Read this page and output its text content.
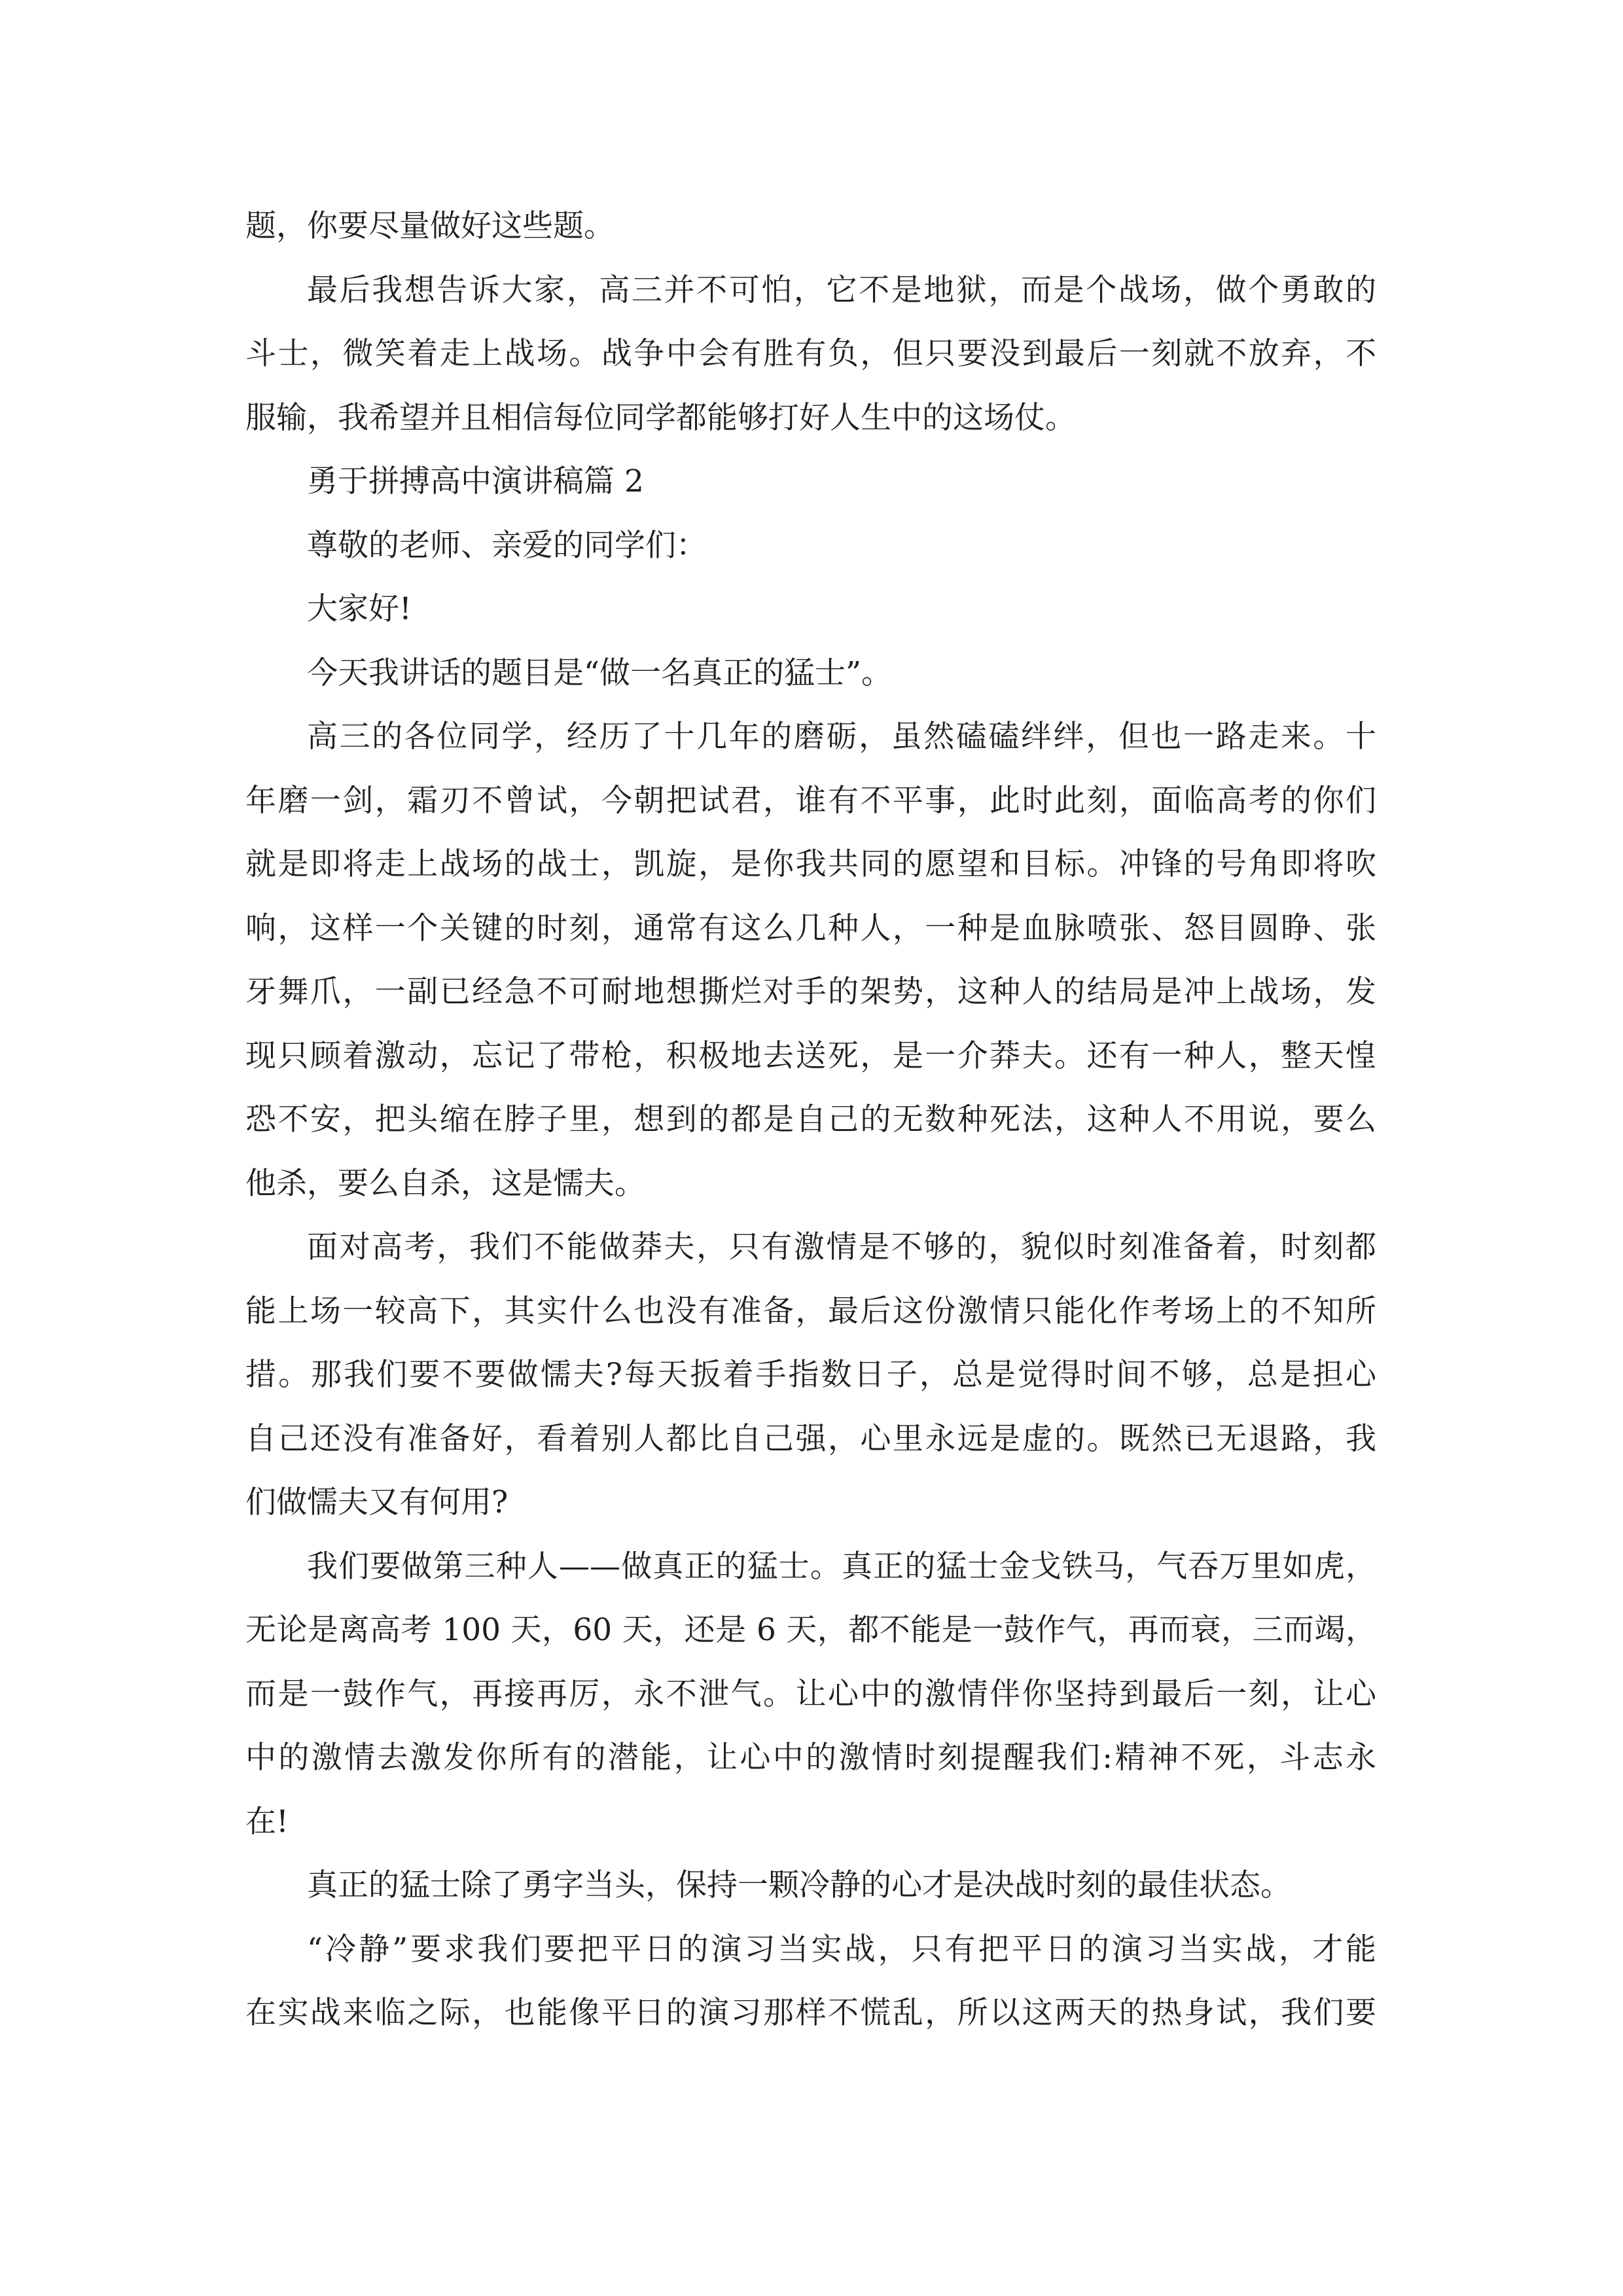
题，你要尽量做好这些题。
最后我想告诉大家，高三并不可怕，它不是地狱，而是个战场，做个勇敢的
斗士，微笑着走上战场。战争中会有胜有负，但只要没到最后一刻就不放弃，不
服输，我希望并且相信每位同学都能够打好人生中的这场仗。
勇于拼搏高中演讲稿篇 2
尊敬的老师、亲爱的同学们：
大家好!
今天我讲话的题目是“做一名真正的猛士”。
高三的各位同学，经历了十几年的磨砺，虽然磕磕绊绊，但也一路走来。十
年磨一剑，霜刃不曾试，今朝把试君，谁有不平事，此时此刻，面临高考的你们
就是即将走上战场的战士，凯旋，是你我共同的愿望和目标。冲锋的号角即将吹
响，这样一个关键的时刻，通常有这么几种人，一种是血脉喷张、怒目圆睁、张
牙舞爪，一副已经急不可耐地想撕烂对手的架势，这种人的结局是冲上战场，发
现只顾着激动，忘记了带枪，积极地去送死，是一介莽夫。还有一种人，整天惶
恐不安，把头缩在脖子里，想到的都是自己的无数种死法，这种人不用说，要么
他杀，要么自杀，这是懦夫。
面对高考，我们不能做莽夫，只有激情是不够的，貌似时刻准备着，时刻都
能上场一较高下，其实什么也没有准备，最后这份激情只能化作考场上的不知所
措。那我们要不要做懦夫?每天扳着手指数日子，总是觉得时间不够，总是担心
自己还没有准备好，看着别人都比自己强，心里永远是虚的。既然已无退路，我
们做懦夫又有何用?
我们要做第三种人——做真正的猛士。真正的猛士金戈铁马，气吞万里如虎，
无论是离高考 100 天，60 天，还是 6 天，都不能是一鼓作气，再而衰，三而竭，
而是一鼓作气，再接再厉，永不泄气。让心中的激情伴你坚持到最后一刻，让心
中的激情去激发你所有的潜能，让心中的激情时刻提醒我们:精神不死，斗志永
在!
真正的猛士除了勇字当头，保持一颗冷静的心才是决战时刻的最佳状态。
“冷静”要求我们要把平日的演习当实战，只有把平日的演习当实战，才能
在实战来临之际，也能像平日的演习那样不慌乱，所以这两天的热身试，我们要
